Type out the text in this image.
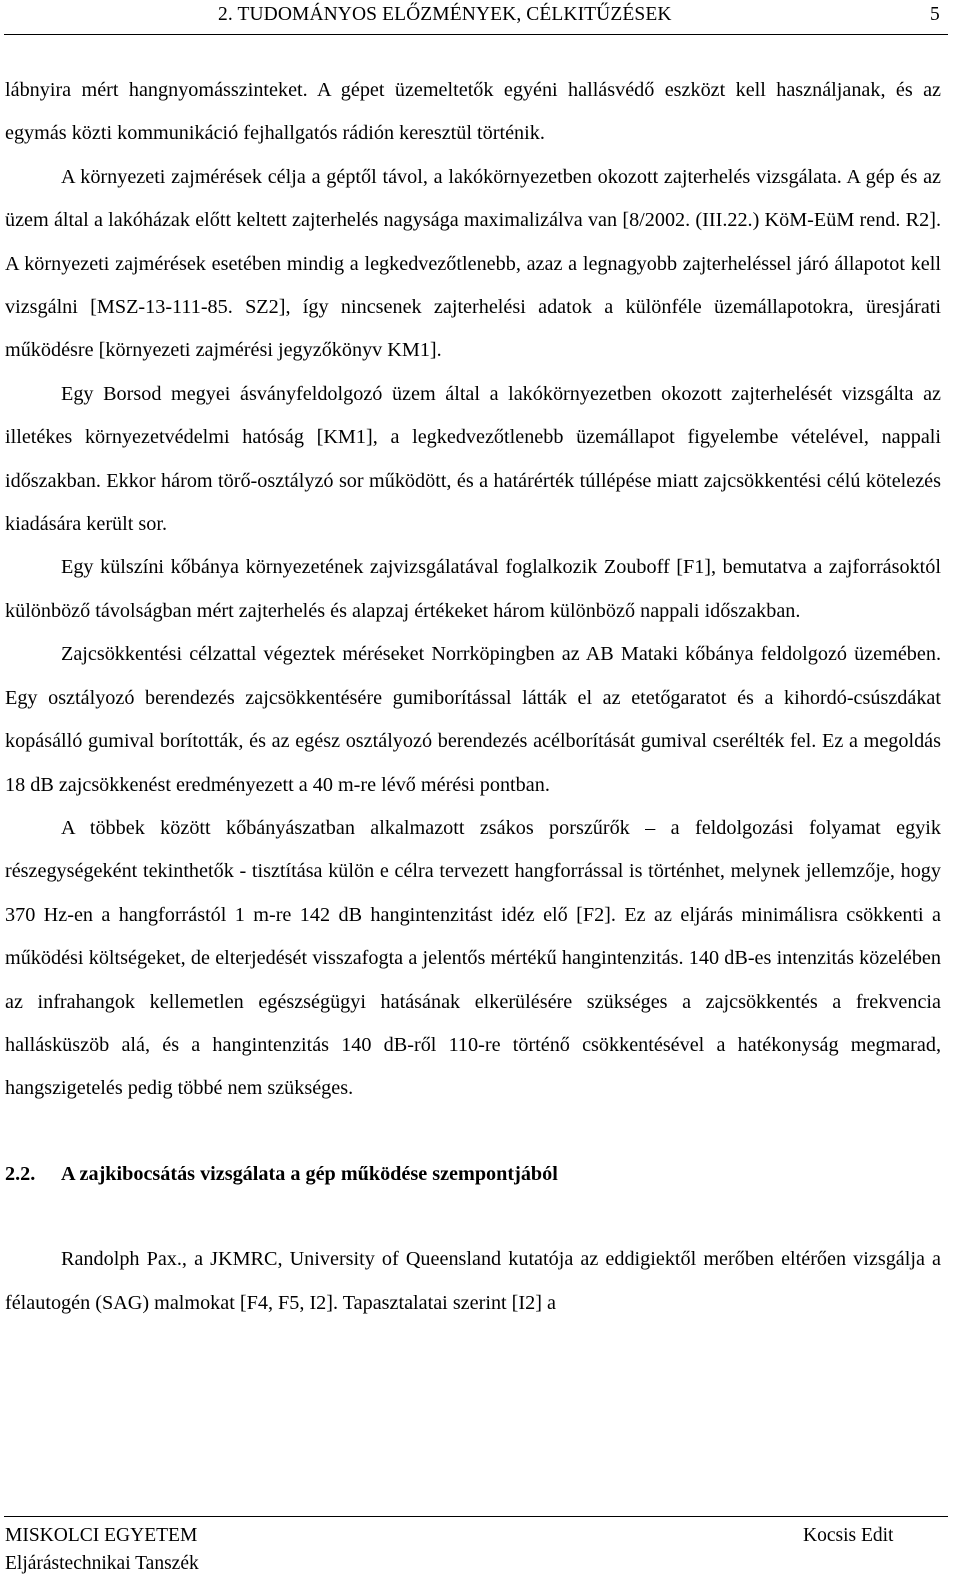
2. TUDOMÁNYOS ELŐZMÉNYEK, CÉLKITŰZÉSEK	5

lábnyira mért hangnyomásszinteket. A gépet üzemeltetők egyéni hallásvédő eszközt kell használjanak, és az egymás közti kommunikáció fejhallgatós rádión keresztül történik.

A környezeti zajmérések célja a géptől távol, a lakókörnyezetben okozott zajterhelés vizsgálata. A gép és az üzem által a lakóházak előtt keltett zajterhelés nagysága maximalizálva van [8/2002. (III.22.) KöM-EüM rend. R2]. A környezeti zajmérések esetében mindig a legkedvezőtlenebb, azaz a legnagyobb zajterheléssel járó állapotot kell vizsgálni [MSZ-13-111-85. SZ2], így nincsenek zajterhelési adatok a különféle üzemállapotokra, üresjárati működésre [környezeti zajmérési jegyzőkönyv KM1].

Egy Borsod megyei ásványfeldolgozó üzem által a lakókörnyezetben okozott zajterhelését vizsgálta az illetékes környezetvédelmi hatóság [KM1], a legkedvezőtlenebb üzemállapot figyelembe vételével, nappali időszakban. Ekkor három törő-osztályzó sor működött, és a határérték túllépése miatt zajcsökkentési célú kötelezés kiadására került sor.

Egy külszíni kőbánya környezetének zajvizsgálatával foglalkozik Zouboff [F1], bemutatva a zajforrásoktól különböző távolságban mért zajterhelés és alapzaj értékeket három különböző nappali időszakban.

Zajcsökkentési célzattal végeztek méréseket Norrköpingben az AB Mataki kőbánya feldolgozó üzemében. Egy osztályozó berendezés zajcsökkentésére gumiborítással látták el az etetőgaratot és a kihordó-csúszdákat kopásálló gumival borították, és az egész osztályozó berendezés acélborítását gumival cserélték fel. Ez a megoldás 18 dB zajcsökkenést eredményezett a 40 m-re lévő mérési pontban.

A többek között kőbányászatban alkalmazott zsákos porszűrők – a feldolgozási folyamat egyik részegységeként tekinthetők - tisztítása külön e célra tervezett hangforrással is történhet, melynek jellemzője, hogy 370 Hz-en a hangforrástól 1 m-re 142 dB hangintenzitást idéz elő [F2]. Ez az eljárás minimálisra csökkenti a működési költségeket, de elterjedését visszafogta a jelentős mértékű hangintenzitás. 140 dB-es intenzitás közelében az infrahangok kellemetlen egészségügyi hatásának elkerülésére szükséges a zajcsökkentés a frekvencia hallásküszöb alá, és a hangintenzitás 140 dB-ről 110-re történő csökkentésével a hatékonyság megmarad, hangszigetelés pedig többé nem szükséges.

2.2. A zajkibocsátás vizsgálata a gép működése szempontjából

Randolph Pax., a JKMRC, University of Queensland kutatója az eddigiektől merőben eltérően vizsgálja a félautogén (SAG) malmokat [F4, F5, I2]. Tapasztalatai szerint [I2] a

MISKOLCI EGYETEM
Eljárástechnikai Tanszék
Kocsis Edit
